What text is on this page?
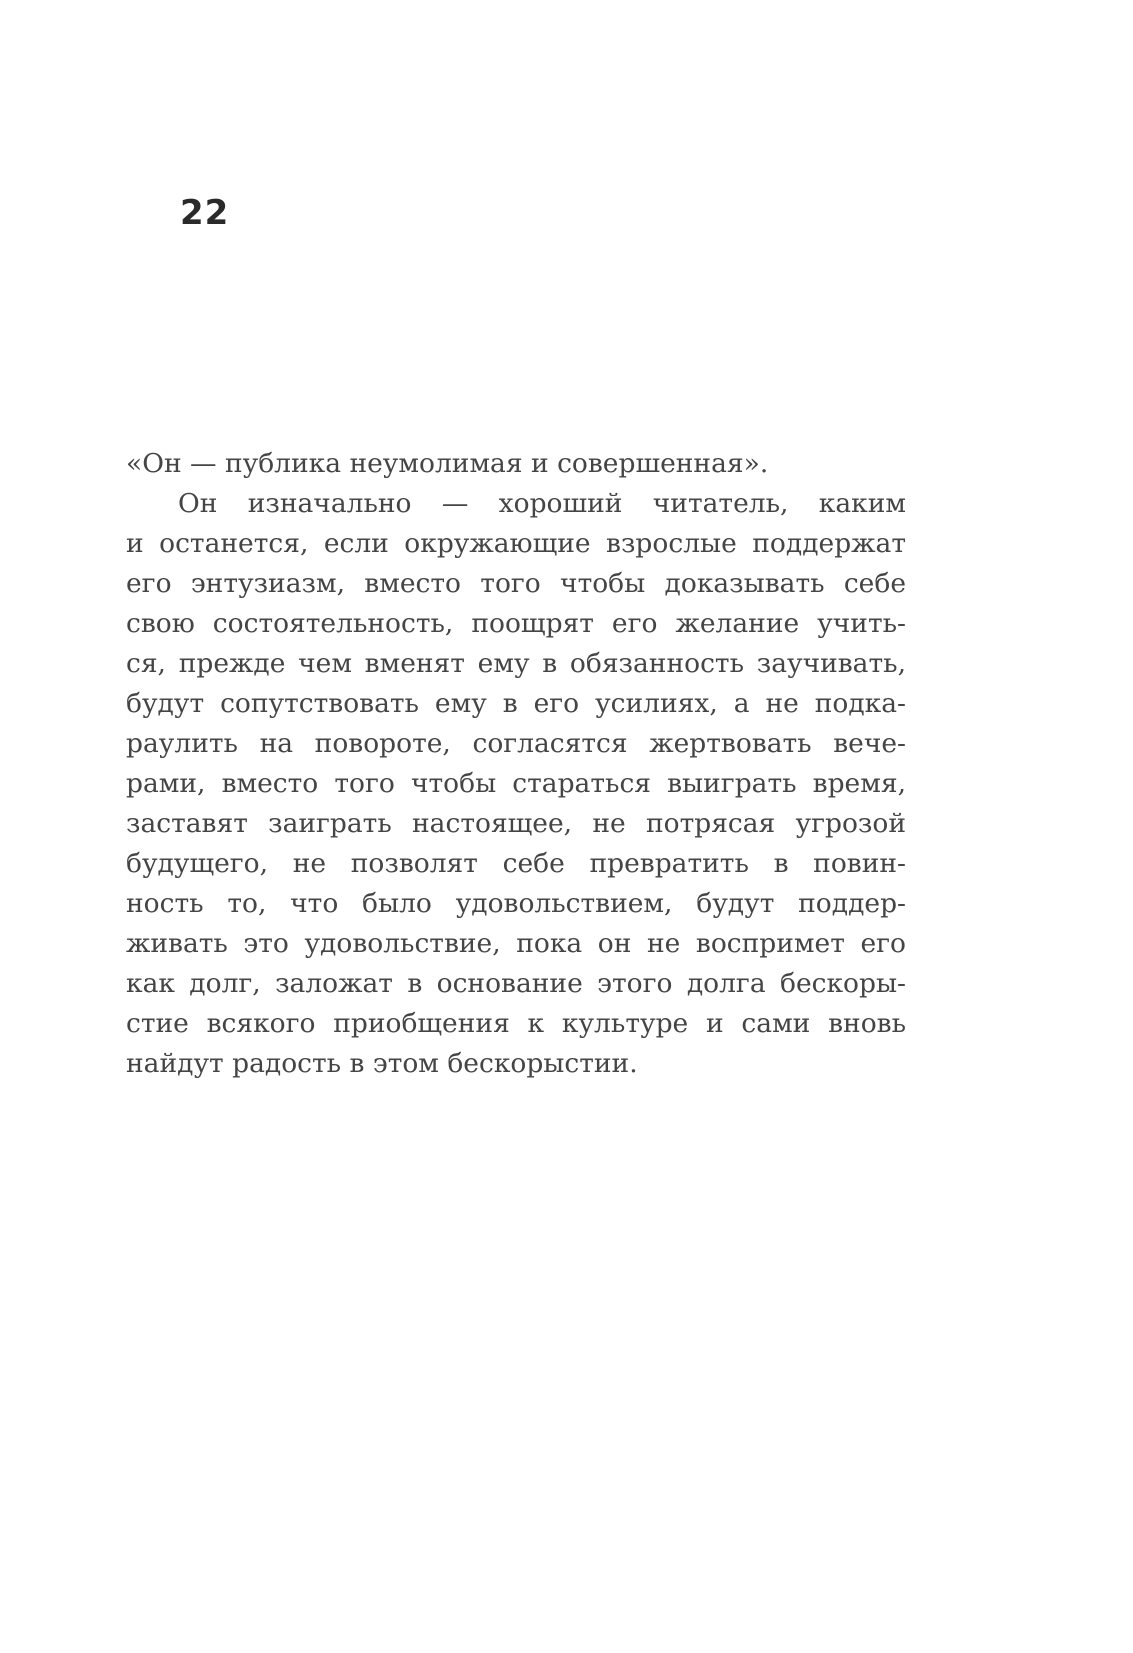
22
«Он — публика неумолимая и совершенная».
Он изначально — хороший читатель, каким
и останется, если окружающие взрослые поддержат
его энтузиазм, вместо того чтобы доказывать себе
свою состоятельность, поощрят его желание учить-
ся, прежде чем вменят ему в обязанность заучивать,
будут сопутствовать ему в его усилиях, а не подка-
раулить на повороте, согласятся жертвовать вече-
рами, вместо того чтобы стараться выиграть время,
заставят заиграть настоящее, не потрясая угрозой
будущего, не позволят себе превратить в повин-
ность то, что было удовольствием, будут поддер-
живать это удовольствие, пока он не воспримет его
как долг, заложат в основание этого долга бескоры-
стие всякого приобщения к культуре и сами вновь
найдут радость в этом бескорыстии.
